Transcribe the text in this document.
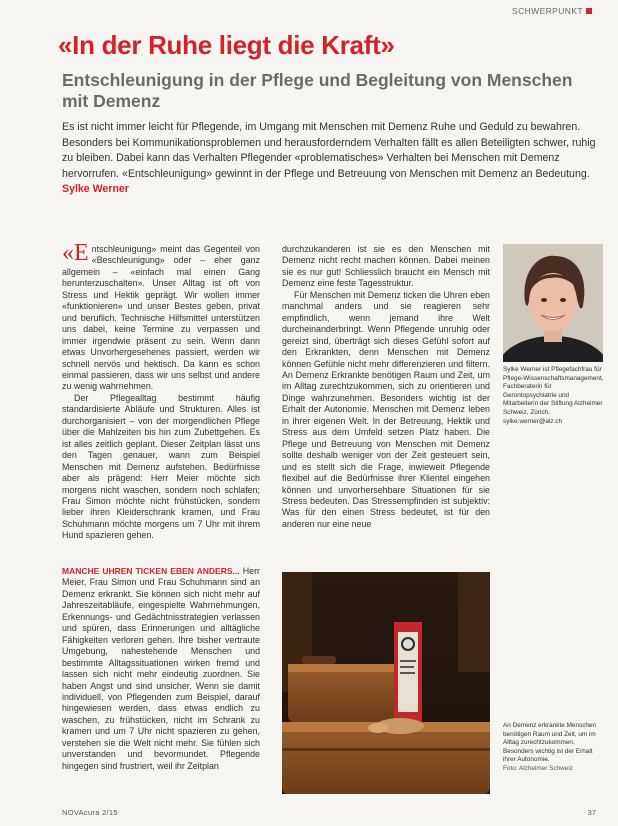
SCHWERPUNKT
«In der Ruhe liegt die Kraft»
Entschleunigung in der Pflege und Begleitung von Menschen mit Demenz

Es ist nicht immer leicht für Pflegende, im Umgang mit Menschen mit Demenz Ruhe und Geduld zu bewahren. Besonders bei Kommunikationsproblemen und herausforderndem Verhalten fällt es allen Beteiligten schwer, ruhig zu bleiben. Dabei kann das Verhalten Pflegender «problematisches» Verhalten bei Menschen mit Demenz hervorrufen. «Entschleunigung» gewinnt in der Pflege und Betreuung von Menschen mit Demenz an Bedeutung. Sylke Werner

«Entschleunigung» meint das Gegenteil von «Beschleunigung» oder – eher ganz allgemein – «einfach mal einen Gang herunterzuschalten». Unser Alltag ist oft von Stress und Hektik geprägt. Wir wollen immer «funktionieren» und unser Bestes geben, privat und beruflich. Technische Hilfsmittel unterstützen uns dabei, keine Termine zu verpassen und immer irgendwie präsent zu sein. Wenn dann etwas Unvorhergesehenes passiert, werden wir schnell nervös und hektisch. Da kann es schon einmal passieren, dass wir uns selbst und andere zu wenig wahrnehmen.

Der Pflegealltag bestimmt häufig standardisierte Abläufe und Strukturen. Alles ist durchorganisiert – von der morgendlichen Pflege über die Mahlzeiten bis hin zum Zubettgehen. Es ist alles zeitlich geplant. Dieser Zeitplan lässt uns den Tagen genauer, wann zum Beispiel Menschen mit Demenz aufstehen. Bedürfnisse aber als prägend: Herr Meier möchte sich morgens nicht waschen, sondern noch schlafen; Frau Simon möchte nicht frühstücken, sondern lieber ihren Kleiderschrank kramen, und Frau Schuhmann möchte morgens um 7 Uhr mit ihrem Hund spazieren gehen.

durchzukanderen ist sie es den Menschen mit Demenz nicht recht machen können. Dabei meinen sie es nur gut! Schliesslich braucht ein Mensch mit Demenz eine feste Tagesstruktur.

Für Menschen mit Demenz ticken die Uhren eben manchmal anders und sie reagieren sehr empfindlich, wenn jemand ihre Welt durcheinanderbringt. Wenn Pflegende unruhig oder gereizt sind, überträgt sich dieses Gefühl sofort auf den Erkrankten, denn Menschen mit Demenz können Gefühle nicht mehr differenzieren und filtern. An Demenz Erkrankte benötigen Raum und Zeit, um im Alltag zurechtzukommen, sich zu orientieren und Dinge wahrzunehmen. Besonders wichtig ist der Erhalt der Autonomie. Menschen mit Demenz leben in ihrer eigenen Welt. In der Betreuung, Hektik und Stress aus dem Umfeld setzen Platz haben. Die Pflege und Betreuung von Menschen mit Demenz sollte deshalb weniger von der Zeit gesteuert sein, und es stellt sich die Frage, inwieweit Pflegende flexibel auf die Bedürfnisse ihrer Klientel eingehen können und unvorhersehbare Situationen für sie Stress bedeuten. Das Stressempfinden ist subjektiv: Was für den einen Stress bedeutet, ist für den anderen nur eine neue

Sylke Werner ist Pflegefachfrau für Pflege-Wissenschaftsmanagement, Fachberaterin für Gerontopsychiatrie und Mitarbeiterin der Stiftung Alzheimer Schweiz, Zürich. sylke.werner@alz.ch

MANCHE UHREN TICKEN EBEN ANDERS... Herr Meier, Frau Simon und Frau Schuhmann sind an Demenz erkrankt. Sie können sich nicht mehr auf Jahreszeitabläufe, eingespielte Wahrnehmungen, Erkennungs- und Gedächtnisstrategien verlassen und spüren, dass Erinnerungen und alltägliche Fähigkeiten verloren gehen. Ihre bisher vertraute Umgebung, nahestehende Menschen und bestimmte Alltagssituationen wirken fremd und lassen sich nicht mehr eindeutig zuordnen. Sie haben Angst und sind unsicher. Wenn sie damit individuell, von Pflegenden zum Beispiel, darauf hingewiesen werden, dass etwas endlich zu waschen, zu frühstücken, nicht im Schrank zu kramen und um 7 Uhr nicht spazieren zu gehen, verstehen sie die Welt nicht mehr. Sie fühlen sich unverstanden und bevormundet. Pflegende hingegen sind frustriert, weil ihr Zeitplan

An Demenz erkrankte Menschen benötigen Raum und Zeit, um im Alltag zurechtzukommen. Besonders wichtig ist der Erhalt ihrer Autonomie.
Foto: Alzheimer Schweiz

NOVAcura 2/15	37
